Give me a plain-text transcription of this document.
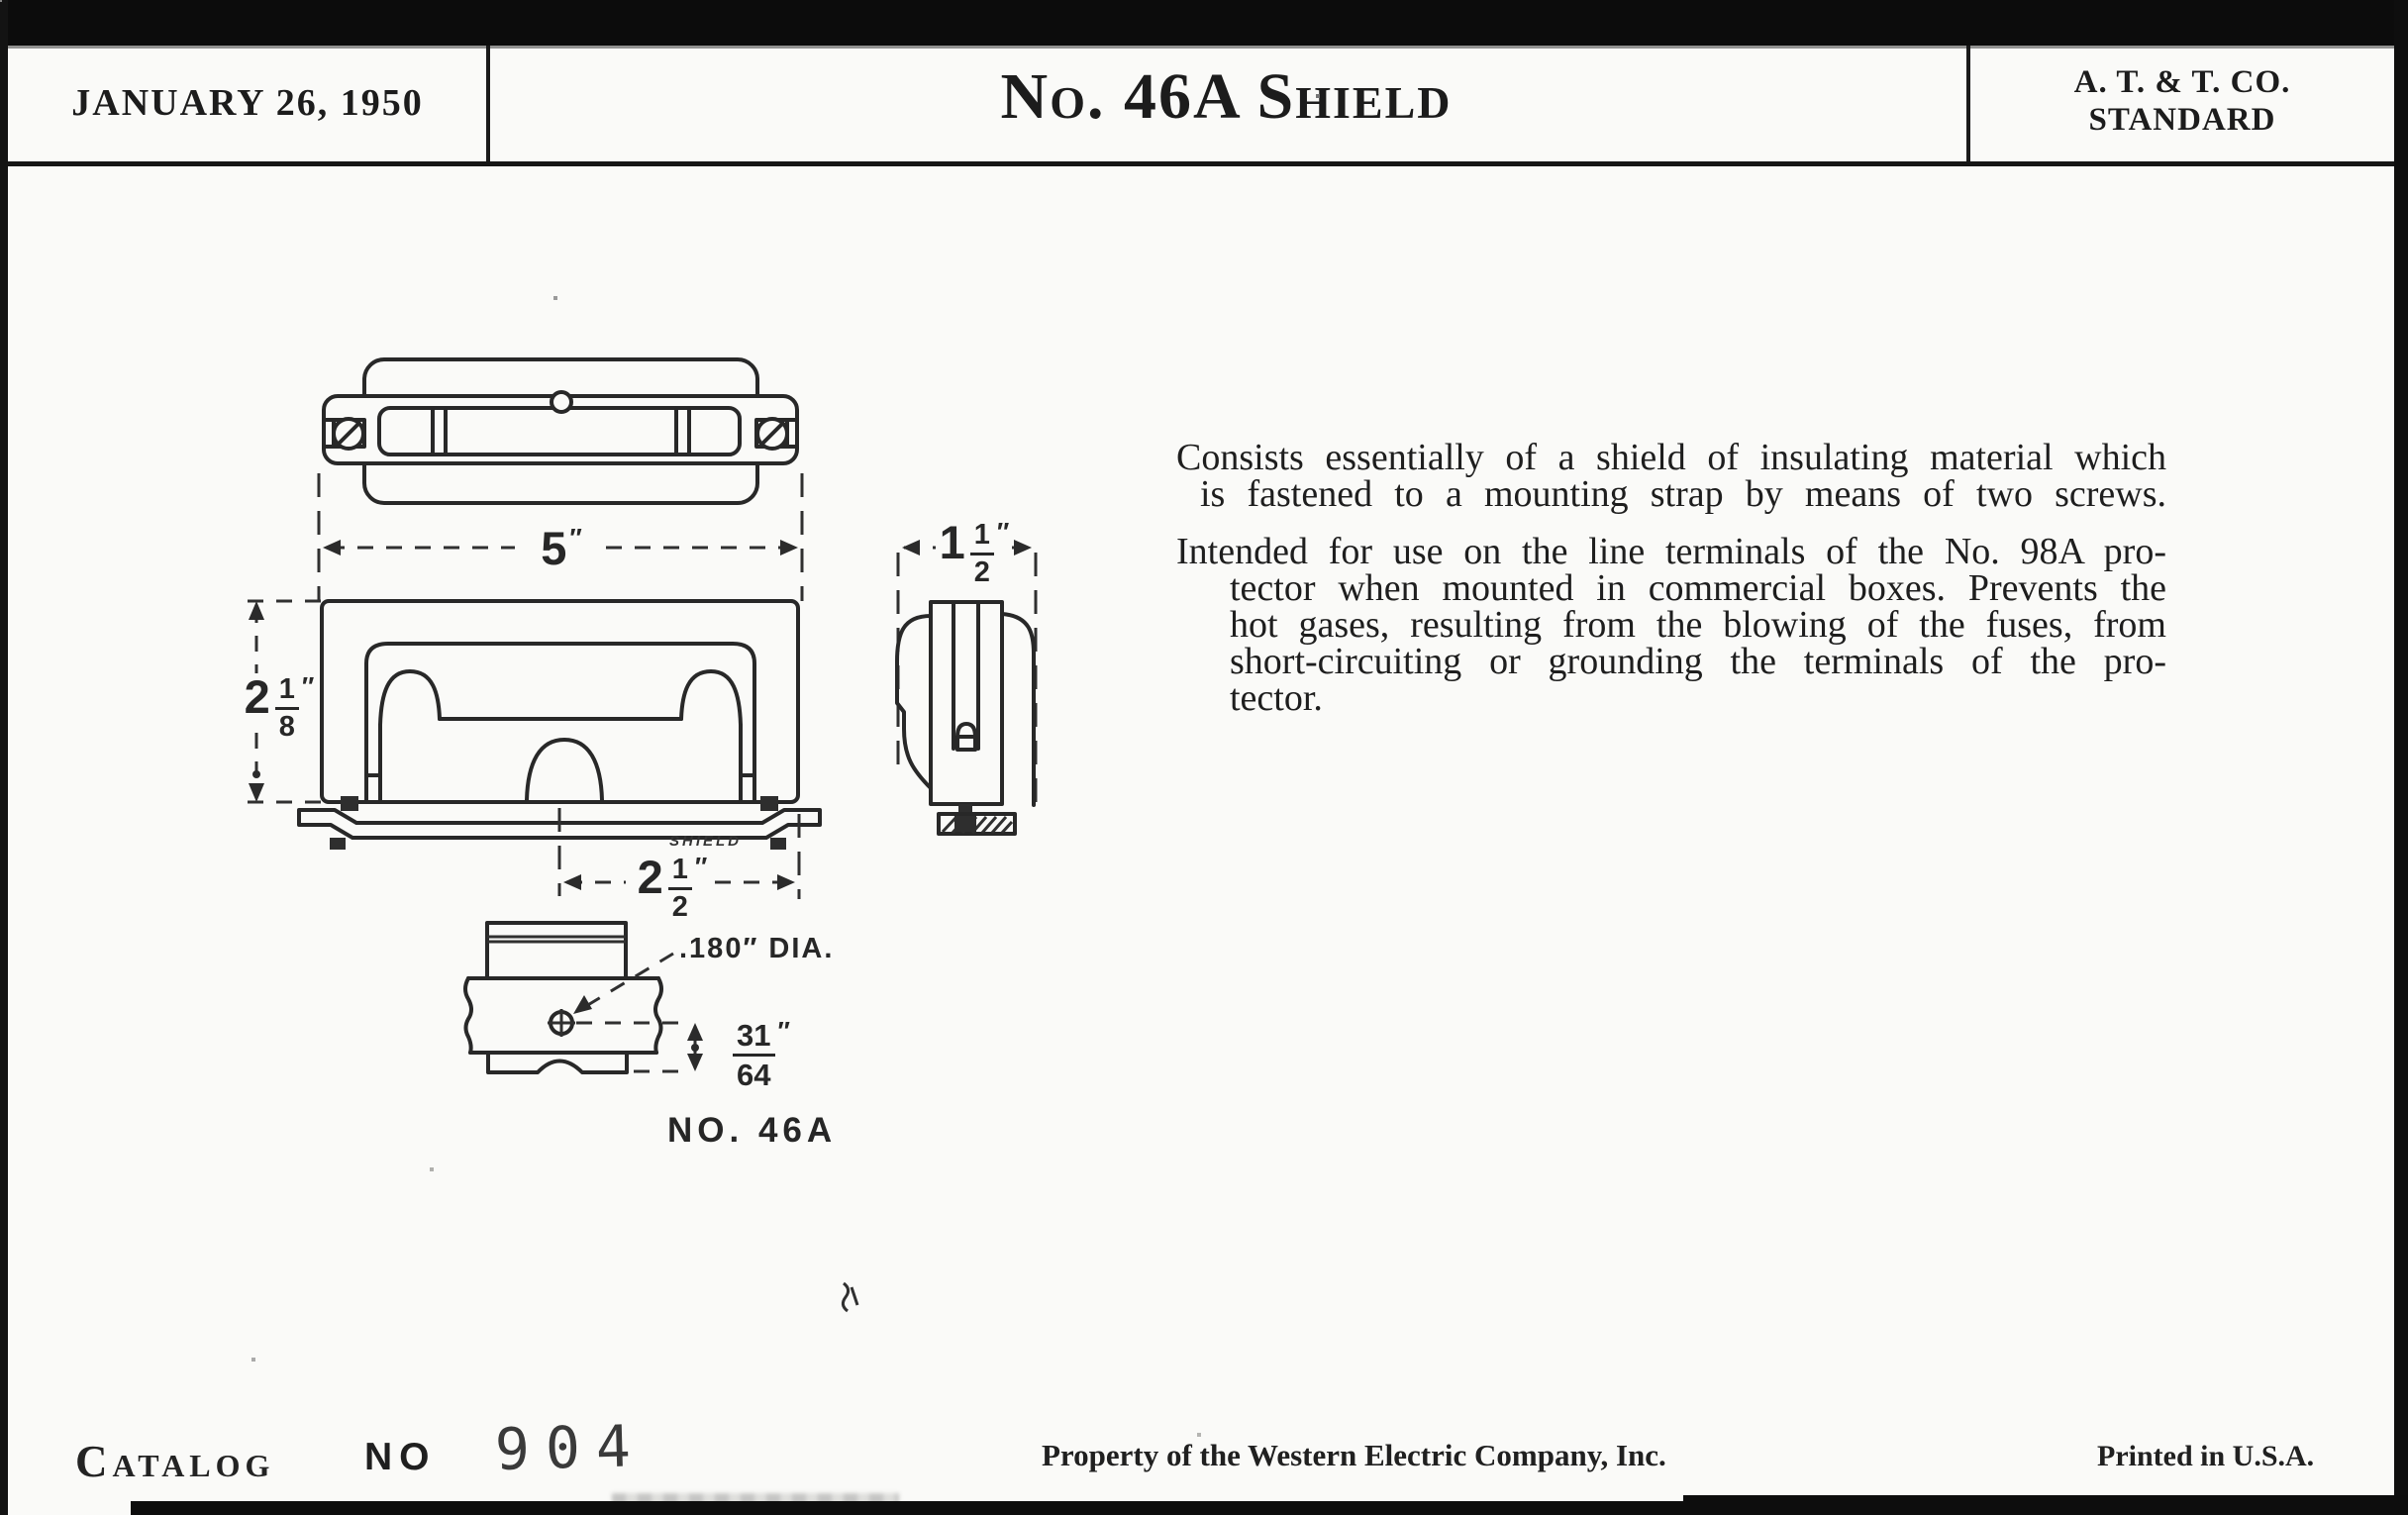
JANUARY 26, 1950	No. 46A Shield	A. T. & T. CO.
STANDARD
5 ″
$2 \frac{1}{8}$ ″
$2 \frac{1}{2}$ ″
$1 \frac{1}{2}$ ″
.180″ DIA.
$\frac{31}{64}$ ″
SHIELD
NO. 46A
Consists essentially of a shield of insulating material which
is fastened to a mounting strap by means of two screws.
Intended for use on the line terminals of the No. 98A pro-
tector when mounted in commercial boxes. Prevents the
hot gases, resulting from the blowing of the fuses, from
short-circuiting or grounding the terminals of the pro-
tector.
Catalog NO 904	Property of the Western Electric Company, Inc.	Printed in U.S.A.
